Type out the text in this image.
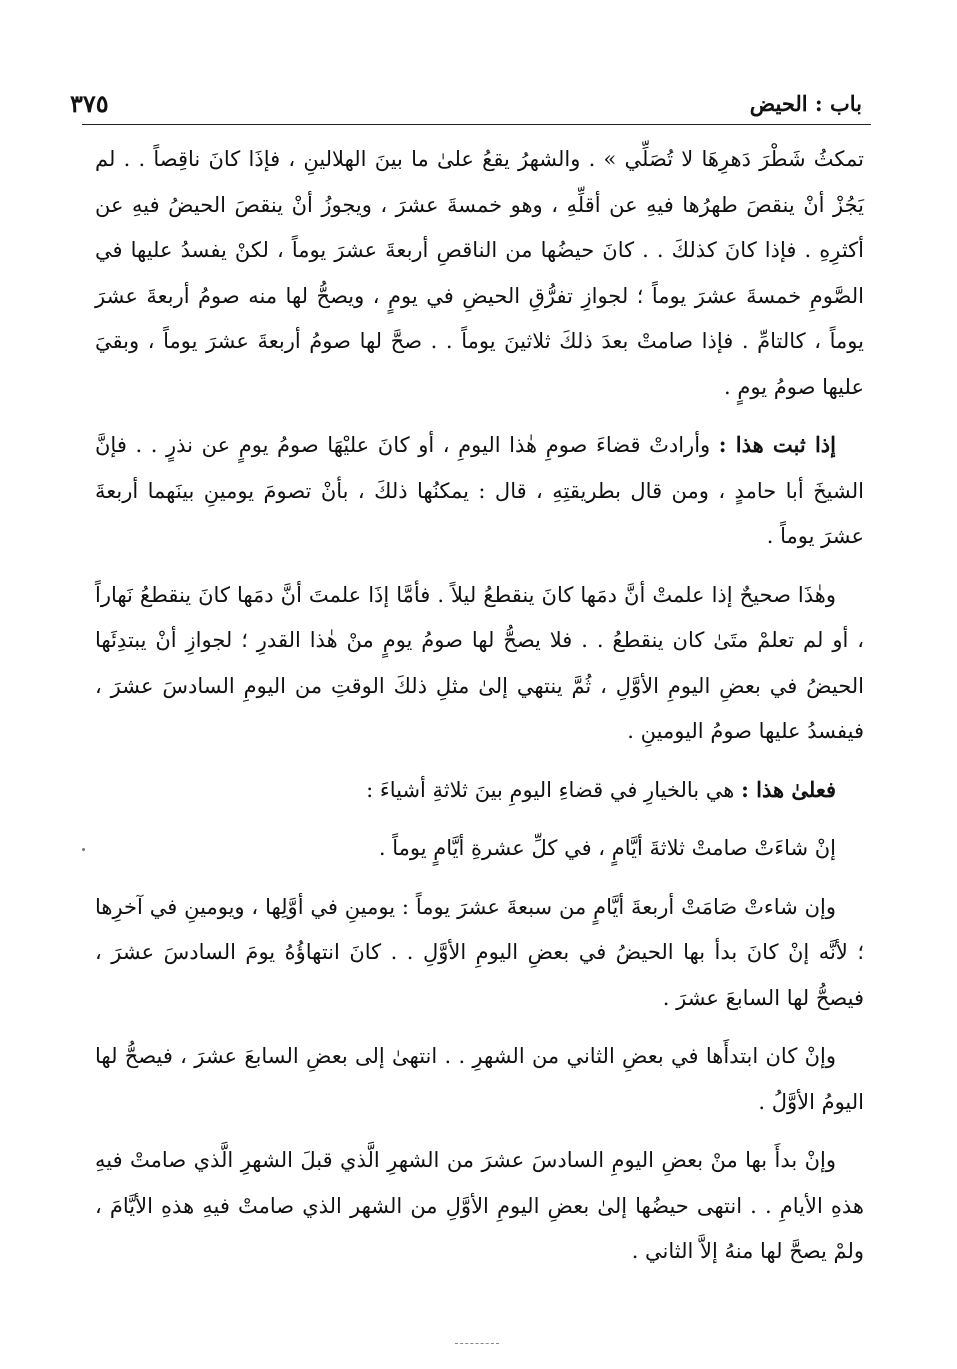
باب : الحيض
٣٧٥

تمكثُ شَطْرَ دَهرِهَا لا تُصَلِّي » . والشهرُ يقعُ علىٰ ما بينَ الهلالينِ ، فإذَا كانَ ناقِصاً . . لم يَجُزْ أنْ ينقصَ طهرُها فيهِ عن أقلِّهِ ، وهو خمسةَ عشرَ ، ويجوزُ أنْ ينقصَ الحيضُ فيهِ عن أكثرِهِ . فإذا كانَ كذلكَ . . كانَ حيضُها من الناقصِ أربعةَ عشرَ يوماً ، لكنْ يفسدُ عليها في الصَّومِ خمسةَ عشرَ يوماً ؛ لجوازِ تفرُّقِ الحيضِ في يومٍ ، ويصحُّ لها منه صومُ أربعةَ عشرَ يوماً ، كالتامِّ . فإذا صامتْ بعدَ ذلكَ ثلاثينَ يوماً . . صحَّ لها صومُ أربعةَ عشرَ يوماً ، وبقيَ عليها صومُ يومٍ .

إذا ثبت هذا : وأرادتْ قضاءَ صومِ هٰذا اليومِ ، أو كانَ عليْهَا صومُ يومٍ عن نذرٍ . . فإنَّ الشيخَ أبا حامدٍ ، ومن قال بطريقتِهِ ، قال : يمكنُها ذلكَ ، بأنْ تصومَ يومينِ بينَهما أربعةَ عشرَ يوماً .

وهٰذَا صحيحٌ إذا علمتْ أنَّ دمَها كانَ ينقطعُ ليلاً . فأمَّا إذَا علمتَ أنَّ دمَها كانَ ينقطعُ نَهاراً ، أو لم تعلمْ متَىٰ كان ينقطعُ . . فلا يصحُّ لها صومُ يومٍ منْ هٰذا القدرِ ؛ لجوازِ أنْ يبتدِئَها الحيضُ في بعضِ اليومِ الأوَّلِ ، ثُمَّ ينتهي إلىٰ مثلِ ذلكَ الوقتِ من اليومِ السادسَ عشرَ ، فيفسدُ عليها صومُ اليومينِ .

فعلىٰ هذا : هي بالخيارِ في قضاءِ اليومِ بينَ ثلاثةِ أشياءَ :

إنْ شاءَتْ صامتْ ثلاثةَ أيَّامٍ ، في كلِّ عشرةِ أيَّامٍ يوماً .

وإن شاءتْ صَامَتْ أربعةَ أيَّامٍ من سبعةَ عشرَ يوماً : يومينِ في أوَّلِها ، ويومينِ في آخرِها ؛ لأنَّه إنْ كانَ بدأ بها الحيضُ في بعضِ اليومِ الأوَّلِ . . كانَ انتهاؤُهُ يومَ السادسَ عشرَ ، فيصحُّ لها السابعَ عشرَ .

وإنْ كان ابتدأَها في بعضِ الثاني من الشهرِ . . انتهىٰ إلى بعضِ السابعَ عشرَ ، فيصحُّ لها اليومُ الأوَّلُ .

وإنْ بدأَ بها منْ بعضِ اليومِ السادسَ عشرَ من الشهرِ الَّذي قبلَ الشهرِ الَّذي صامتْ فيهِ هذهِ الأيامِ . . انتهى حيضُها إلىٰ بعضِ اليومِ الأوَّلِ من الشهر الذي صامتْ فيهِ هذهِ الأيَّامَ ، ولمْ يصحَّ لها منهُ إلاَّ الثاني .
